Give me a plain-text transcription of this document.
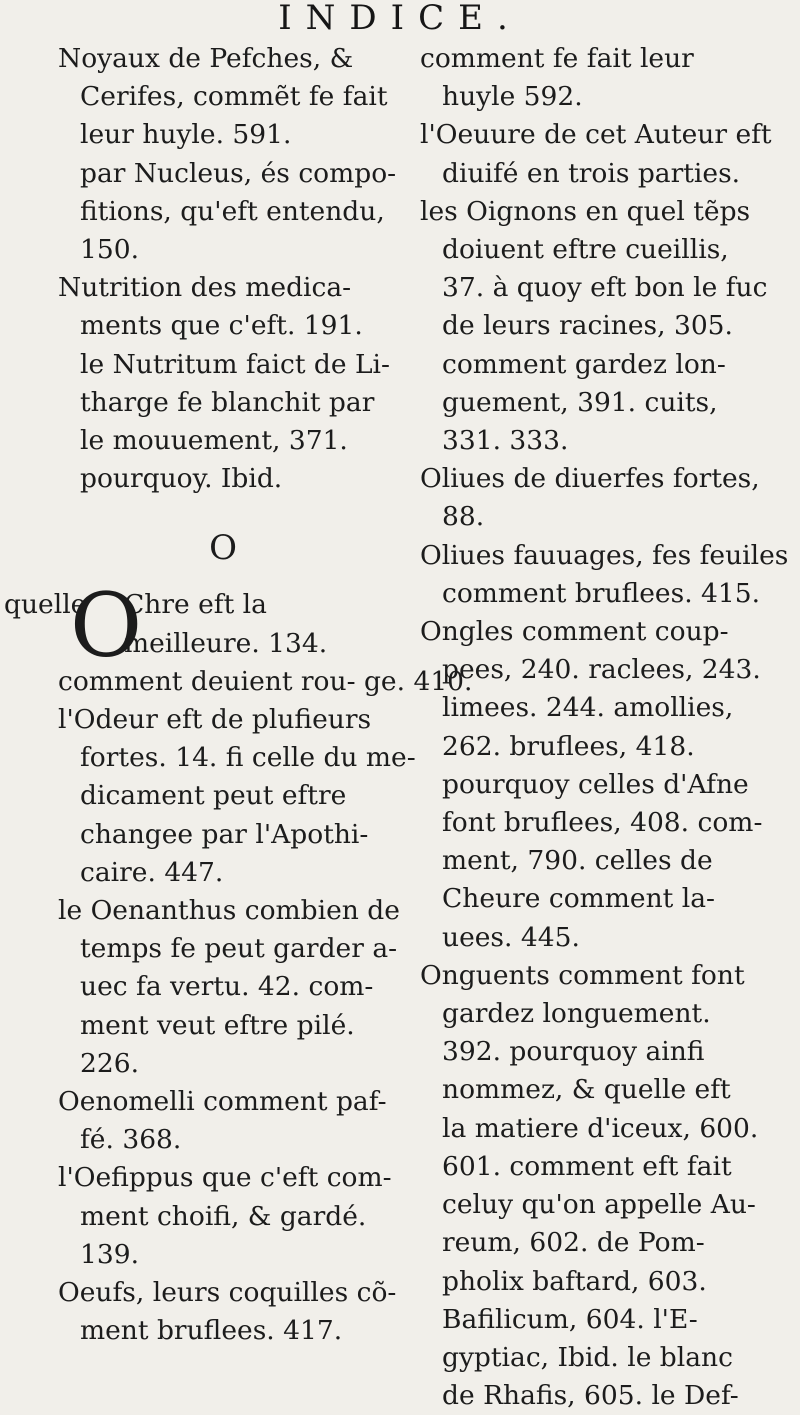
INDICE.
Noyaux de Pefches, &
Cerifes, commẽt fe fait
leur huyle. 591.
par Nucleus, és compo-
fitions, qu'eft entendu,
150.
Nutrition des medica-
ments que c'eft. 191.
le Nutritum faict de Li-
tharge fe blanchit par
le mouuement, 371.
pourquoy. Ibid.
O
quelle
O
Chre eft la
meilleure. 134.
comment deuient rou- ge. 410.
l'Odeur eft de plufieurs
fortes. 14. fi celle du me-
dicament peut eftre
changee par l'Apothi-
caire. 447.
le Oenanthus combien de
temps fe peut garder a-
uec fa vertu. 42. com-
ment veut eftre pilé.
226.
Oenomelli comment paf-
fé. 368.
l'Oefippus que c'eft com-
ment choifi, & gardé.
139.
Oeufs, leurs coquilles cõ-
ment bruflees. 417.
comment fe fait leur
huyle 592.
l'Oeuure de cet Auteur eft
diuifé en trois parties.
les Oignons en quel tẽps
doiuent eftre cueillis,
37. à quoy eft bon le fuc
de leurs racines, 305.
comment gardez lon-
guement, 391. cuits,
331. 333.
Oliues de diuerfes fortes,
88.
Oliues fauuages, fes feuiles
comment bruflees. 415.
Ongles comment coup-
pees, 240. raclees, 243.
limees. 244. amollies,
262. bruflees, 418.
pourquoy celles d'Afne
font bruflees, 408. com-
ment, 790. celles de
Cheure comment la-
uees. 445.
Onguents comment font
gardez longuement.
392. pourquoy ainfi
nommez, & quelle eft
la matiere d'iceux, 600.
601. comment eft fait
celuy qu'on appelle Au-
reum, 602. de Pom-
pholix baftard, 603.
Bafilicum, 604. l'E-
gyptiac, Ibid. le blanc
de Rhafis, 605. le Def-
